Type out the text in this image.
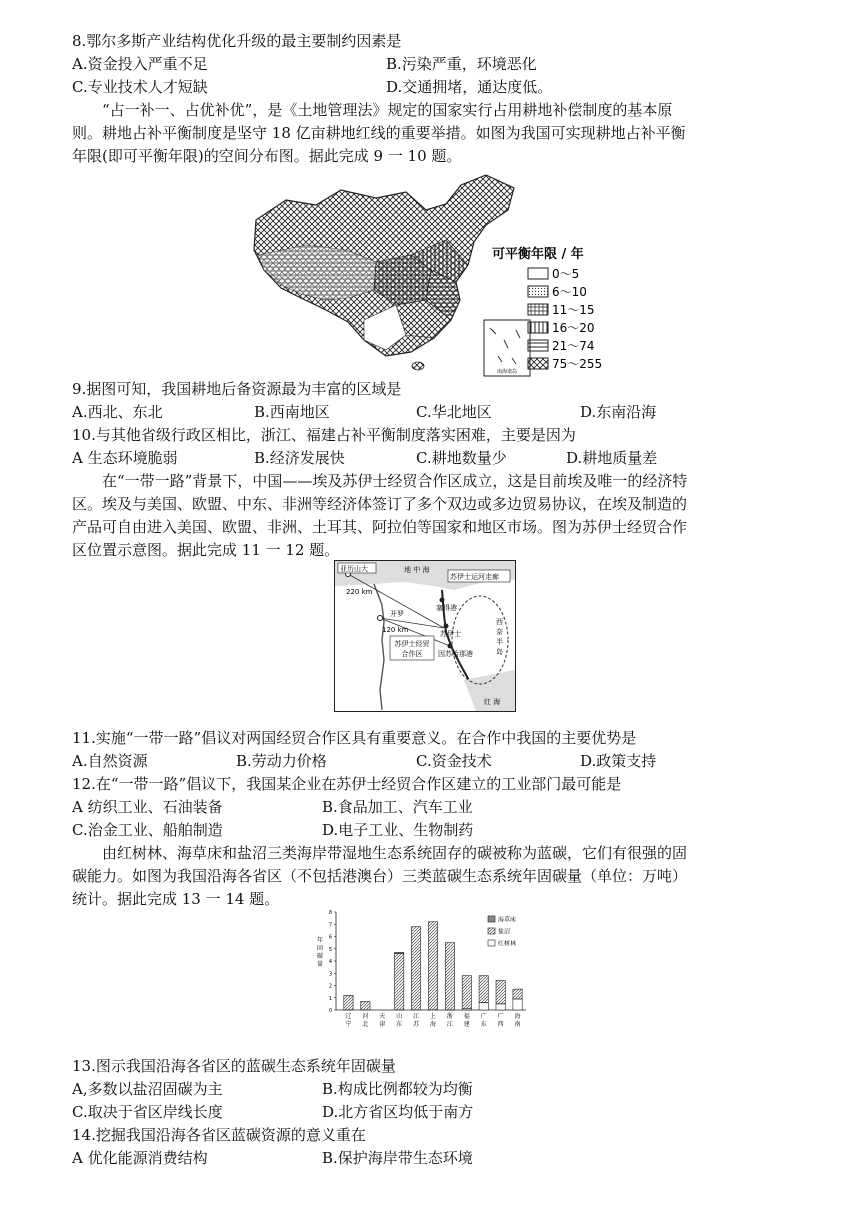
8.鄂尔多斯产业结构优化升级的最主要制约因素是
A.资金投入严重不足	B.污染严重，环境恶化
C.专业技术人才短缺	D.交通拥堵，通达度低。
“占一补一、占优补优”，是《土地管理法》规定的国家实行占用耕地补偿制度的基本原
则。耕地占补平衡制度是坚守 18 亿亩耕地红线的重要举措。如图为我国可实现耕地占补平衡
年限(即可平衡年限)的空间分布图。据此完成 9 一 10 题。
南海诸岛
可平衡年限 / 年
0～5
6～10
11～15
16～20
21～74
75～255
9.据图可知，我国耕地后备资源最为丰富的区域是
A.西北、东北	B.西南地区	C.华北地区	D.东南沿海
10.与其他省级行政区相比，浙江、福建占补平衡制度落实困难，主要是因为
A 生态环境脆弱	B.经济发展快	C.耕地数量少	D.耕地质量差
在“一带一路”背景下，中国——埃及苏伊士经贸合作区成立，这是目前埃及唯一的经济特
区。埃及与美国、欧盟、中东、非洲等经济体签订了多个双边或多边贸易协议，在埃及制造的
产品可自由进入美国、欧盟、非洲、土耳其、阿拉伯等国家和地区市场。图为苏伊士经贸合作
区位置示意图。据此完成 11 一 12 题。
亚历山大	地 中 海
苏伊士运河走廊
220 km
塞得港
开罗
120 km	苏伊士
苏伊士经贸
合作区 因苏哈那港
西
奈
半
岛
红 海
11.实施“一带一路”倡议对两国经贸合作区具有重要意义。在合作中我国的主要优势是
A.自然资源	B.劳动力价格	C.资金技术	D.政策支持
12.在“一带一路”倡议下，我国某企业在苏伊士经贸合作区建立的工业部门最可能是
A 纺织工业、石油装备	B.食品加工、汽车工业
C.治金工业、船舶制造	D.电子工业、生物制药
由红树林、海草床和盐沼三类海岸带湿地生态系统固存的碳被称为蓝碳，它们有很强的固
碳能力。如图为我国沿海各省区（不包括港澳台）三类蓝碳生态系统年固碳量（单位：万吨）
统计。据此完成 13 一 14 题。
0
1
2
3
4
5
6
7
8
年
固
碳
量
辽
宁
河
北
天
津
山
东
江
苏
上
海
浙
江
福
建
广
东
广
西
海
南
海草床
盐沼
红树林
13.图示我国沿海各省区的蓝碳生态系统年固碳量
A,多数以盐沼固碳为主	B.构成比例都较为均衡
C.取决于省区岸线长度	D.北方省区均低于南方
14.挖掘我国沿海各省区蓝碳资源的意义重在
A 优化能源消费结构	B.保护海岸带生态环境
